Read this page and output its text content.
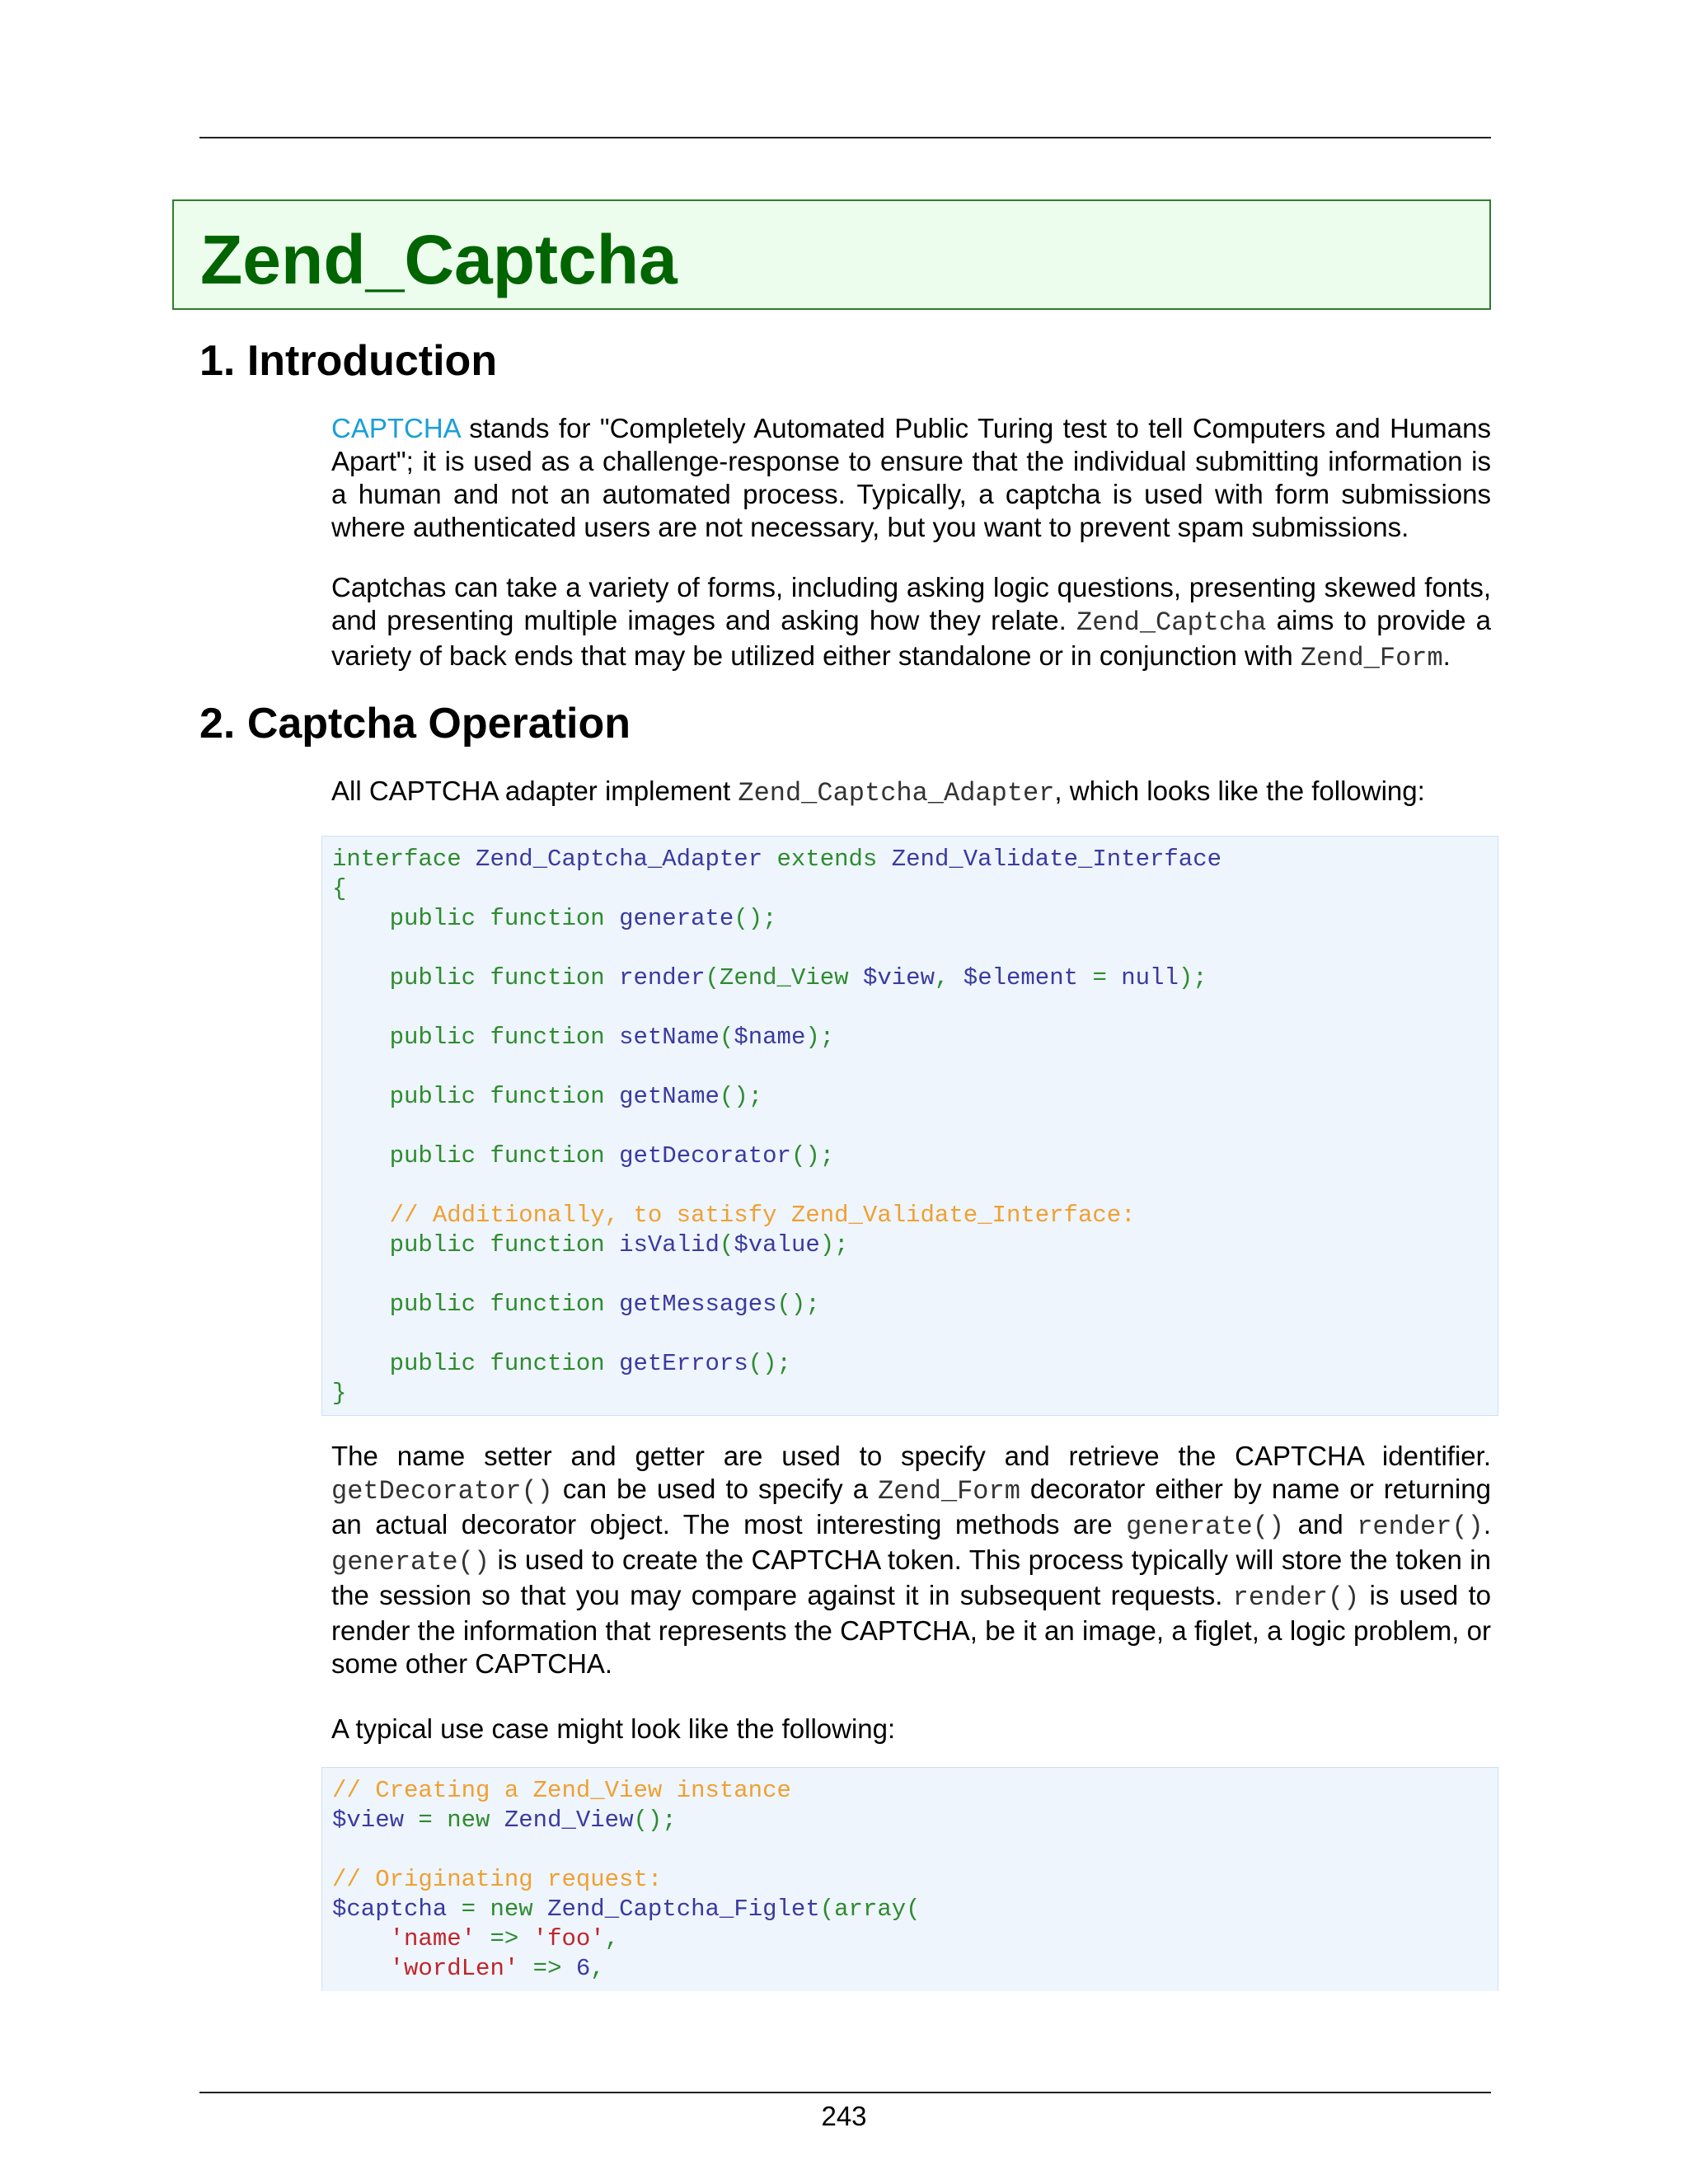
Zend_Captcha
1. Introduction

CAPTCHA stands for "Completely Automated Public Turing test to tell Computers and Humans Apart"; it is used as a challenge-response to ensure that the individual submitting information is a human and not an automated process. Typically, a captcha is used with form submissions where authenticated users are not necessary, but you want to prevent spam submissions.

Captchas can take a variety of forms, including asking logic questions, presenting skewed fonts, and presenting multiple images and asking how they relate. Zend_Captcha aims to provide a variety of back ends that may be utilized either standalone or in conjunction with Zend_Form.

2. Captcha Operation

All CAPTCHA adapter implement Zend_Captcha_Adapter, which looks like the following:

interface Zend_Captcha_Adapter extends Zend_Validate_Interface
{
public function generate();

public function render(Zend_View $view, $element = null);

public function setName($name);

public function getName();

public function getDecorator();

// Additionally, to satisfy Zend_Validate_Interface:
public function isValid($value);

public function getMessages();

public function getErrors();
}

The name setter and getter are used to specify and retrieve the CAPTCHA identifier. getDecorator() can be used to specify a Zend_Form decorator either by name or returning an actual decorator object. The most interesting methods are generate() and render(). generate() is used to create the CAPTCHA token. This process typically will store the token in the session so that you may compare against it in subsequent requests. render() is used to render the information that represents the CAPTCHA, be it an image, a figlet, a logic problem, or some other CAPTCHA.

A typical use case might look like the following:

// Creating a Zend_View instance
$view = new Zend_View();

// Originating request:
$captcha = new Zend_Captcha_Figlet(array(
'name' => 'foo',
'wordLen' => 6,
243
